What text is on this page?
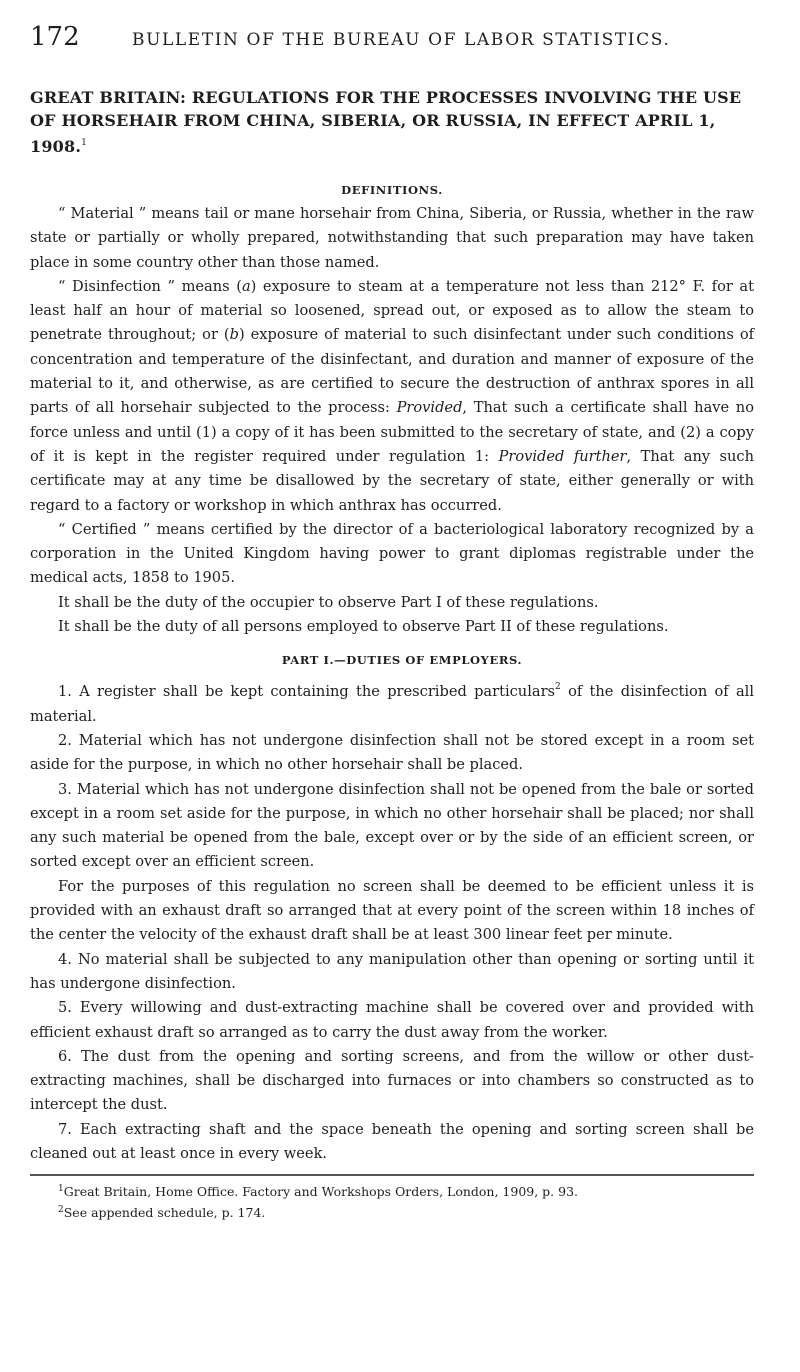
172	BULLETIN OF THE BUREAU OF LABOR STATISTICS.
GREAT BRITAIN: REGULATIONS FOR THE PROCESSES INVOLVING THE USE OF HORSEHAIR FROM CHINA, SIBERIA, OR RUSSIA, IN EFFECT APRIL 1, 1908.$^1$
DEFINITIONS.

“ Material ” means tail or mane horsehair from China, Siberia, or Russia, whether in the raw state or partially or wholly prepared, notwithstanding that such preparation may have taken place in some country other than those named.

“ Disinfection ” means (a) exposure to steam at a temperature not less than 212° F. for at least half an hour of material so loosened, spread out, or exposed as to allow the steam to penetrate throughout; or (b) exposure of material to such disinfectant under such conditions of concentration and temperature of the disinfectant, and duration and manner of exposure of the material to it, and otherwise, as are certified to secure the destruction of anthrax spores in all parts of all horsehair subjected to the process: Provided, That such a certificate shall have no force unless and until (1) a copy of it has been submitted to the secretary of state, and (2) a copy of it is kept in the register required under regulation 1: Provided further, That any such certificate may at any time be disallowed by the secretary of state, either generally or with regard to a factory or workshop in which anthrax has occurred.

“ Certified ” means certified by the director of a bacteriological laboratory recognized by a corporation in the United Kingdom having power to grant diplomas registrable under the medical acts, 1858 to 1905.

It shall be the duty of the occupier to observe Part I of these regulations.

It shall be the duty of all persons employed to observe Part II of these regulations.

PART I.—DUTIES OF EMPLOYERS.

1. A register shall be kept containing the prescribed particulars$^2$ of the disinfection of all material.

2. Material which has not undergone disinfection shall not be stored except in a room set aside for the purpose, in which no other horsehair shall be placed.

3. Material which has not undergone disinfection shall not be opened from the bale or sorted except in a room set aside for the purpose, in which no other horsehair shall be placed; nor shall any such material be opened from the bale, except over or by the side of an efficient screen, or sorted except over an efficient screen.

For the purposes of this regulation no screen shall be deemed to be efficient unless it is provided with an exhaust draft so arranged that at every point of the screen within 18 inches of the center the velocity of the exhaust draft shall be at least 300 linear feet per minute.

4. No material shall be subjected to any manipulation other than opening or sorting until it has undergone disinfection.

5. Every willowing and dust-extracting machine shall be covered over and provided with efficient exhaust draft so arranged as to carry the dust away from the worker.

6. The dust from the opening and sorting screens, and from the willow or other dust-extracting machines, shall be discharged into furnaces or into chambers so constructed as to intercept the dust.

7. Each extracting shaft and the space beneath the opening and sorting screen shall be cleaned out at least once in every week.

$^1$Great Britain, Home Office. Factory and Workshops Orders, London, 1909, p. 93.

$^2$See appended schedule, p. 174.
